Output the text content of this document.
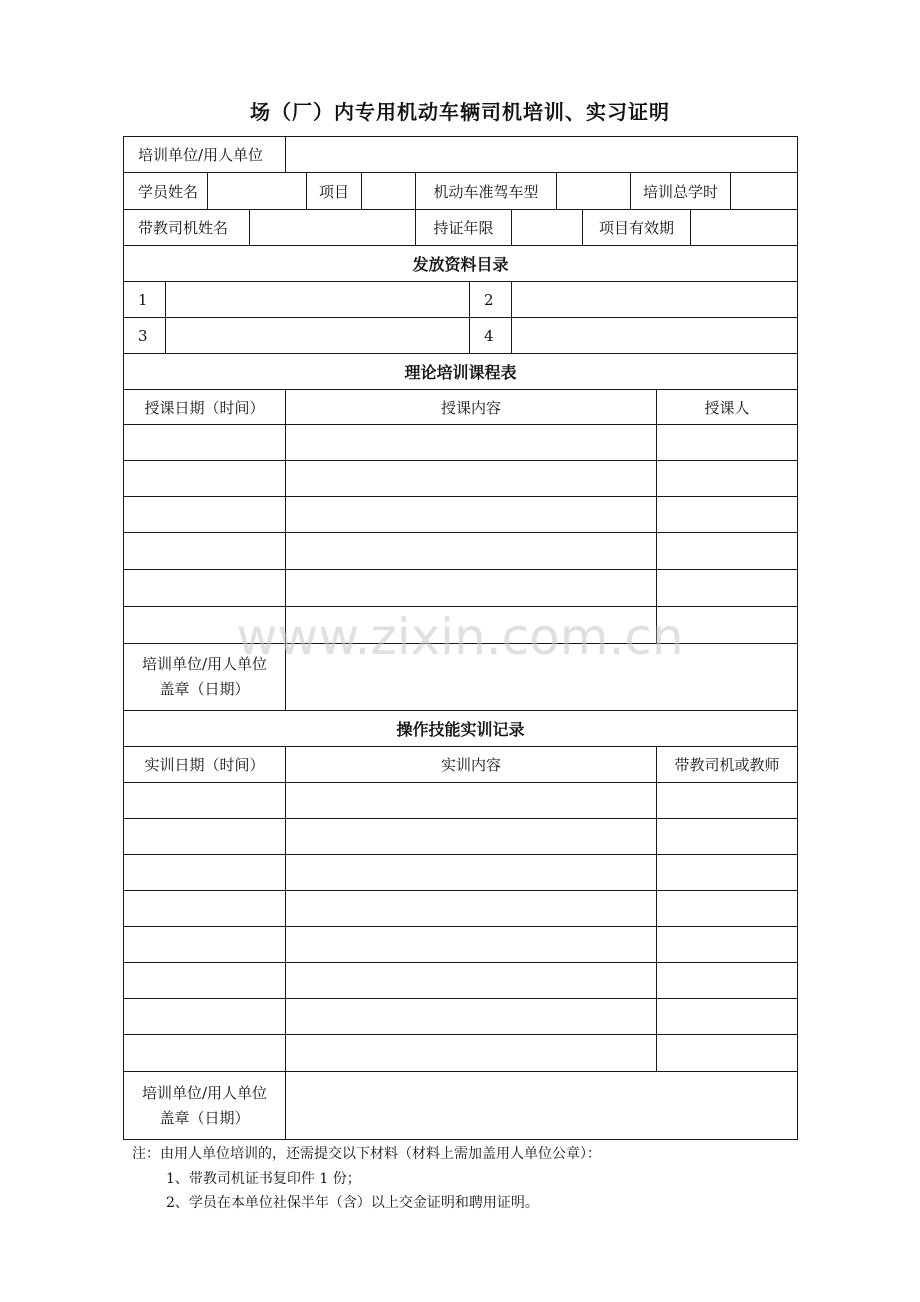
场（厂）内专用机动车辆司机培训、实习证明
培训单位/用人单位
学员姓名	项目	机动车准驾车型	培训总学时
带教司机姓名	持证年限	项目有效期
发放资料目录
1	2
3	4
理论培训课程表
授课日期（时间）	授课内容	授课人
培训单位/用人单位
盖章（日期）
操作技能实训记录
实训日期（时间）	实训内容	带教司机或教师
培训单位/用人单位
盖章（日期）
注：由用人单位培训的，还需提交以下材料（材料上需加盖用人单位公章）：
1、带教司机证书复印件 1 份；
2、学员在本单位社保半年（含）以上交金证明和聘用证明。
www.zixin.com.cn
